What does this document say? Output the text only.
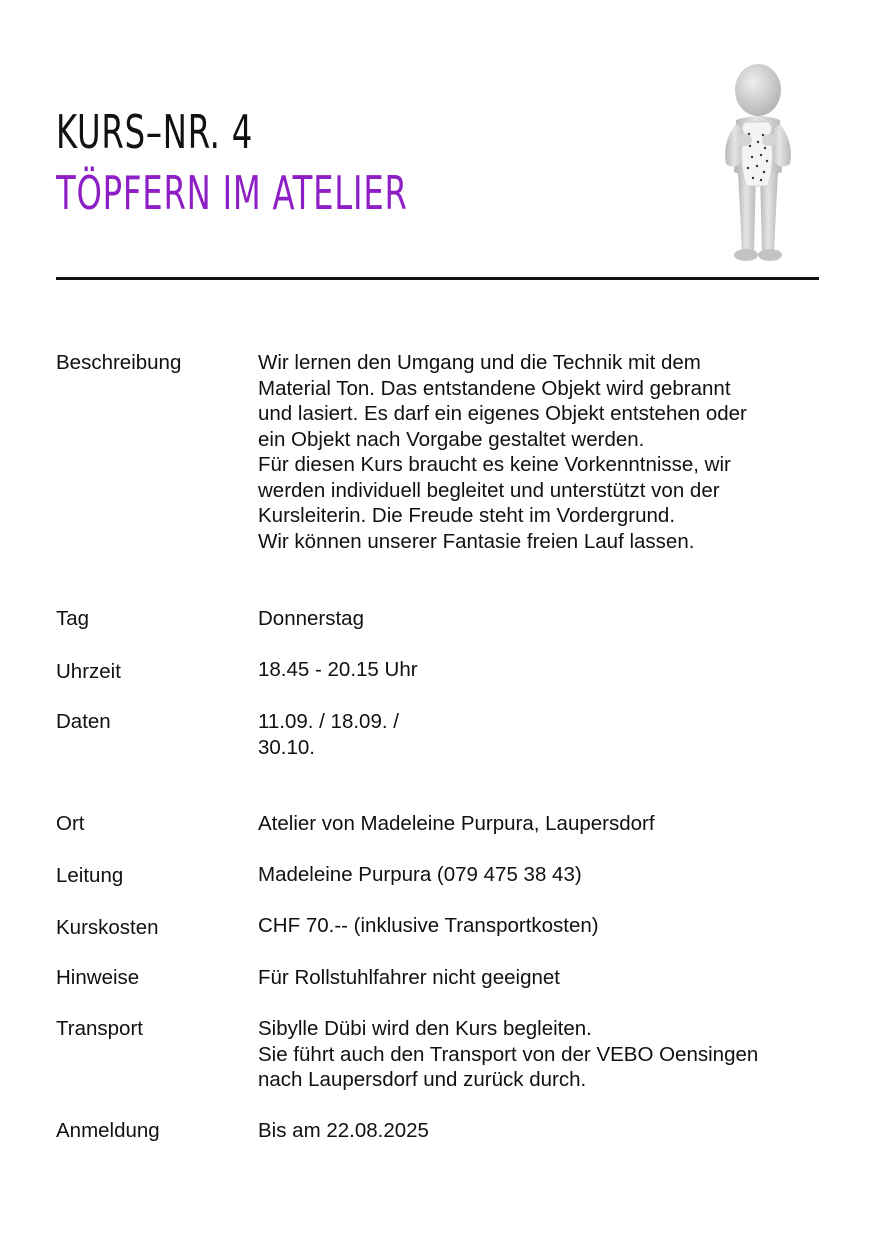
KURS–NR. 4
TÖPFERN IM ATELIER
Beschreibung	Wir lernen den Umgang und die Technik mit dem

Material Ton. Das entstandene Objekt wird gebrannt

und lasiert. Es darf ein eigenes Objekt entstehen oder

ein Objekt nach Vorgabe gestaltet werden.

Für diesen Kurs braucht es keine Vorkenntnisse, wir

werden individuell begleitet und unterstützt von der

Kursleiterin. Die Freude steht im Vordergrund.

Wir können unserer Fantasie freien Lauf lassen.

Tag	Donnerstag
Uhrzeit	18.45 - 20.15 Uhr
Daten	11.09. / 18.09. /

30.10.

Ort	Atelier von Madeleine Purpura, Laupersdorf
Leitung	Madeleine Purpura (079 475 38 43)
Kurskosten	CHF 70.-- (inklusive Transportkosten)
Hinweise	Für Rollstuhlfahrer nicht geeignet
Transport	Sibylle Dübi wird den Kurs begleiten.

Sie führt auch den Transport von der VEBO Oensingen

nach Laupersdorf und zurück durch.

Anmeldung	Bis am 22.08.2025
